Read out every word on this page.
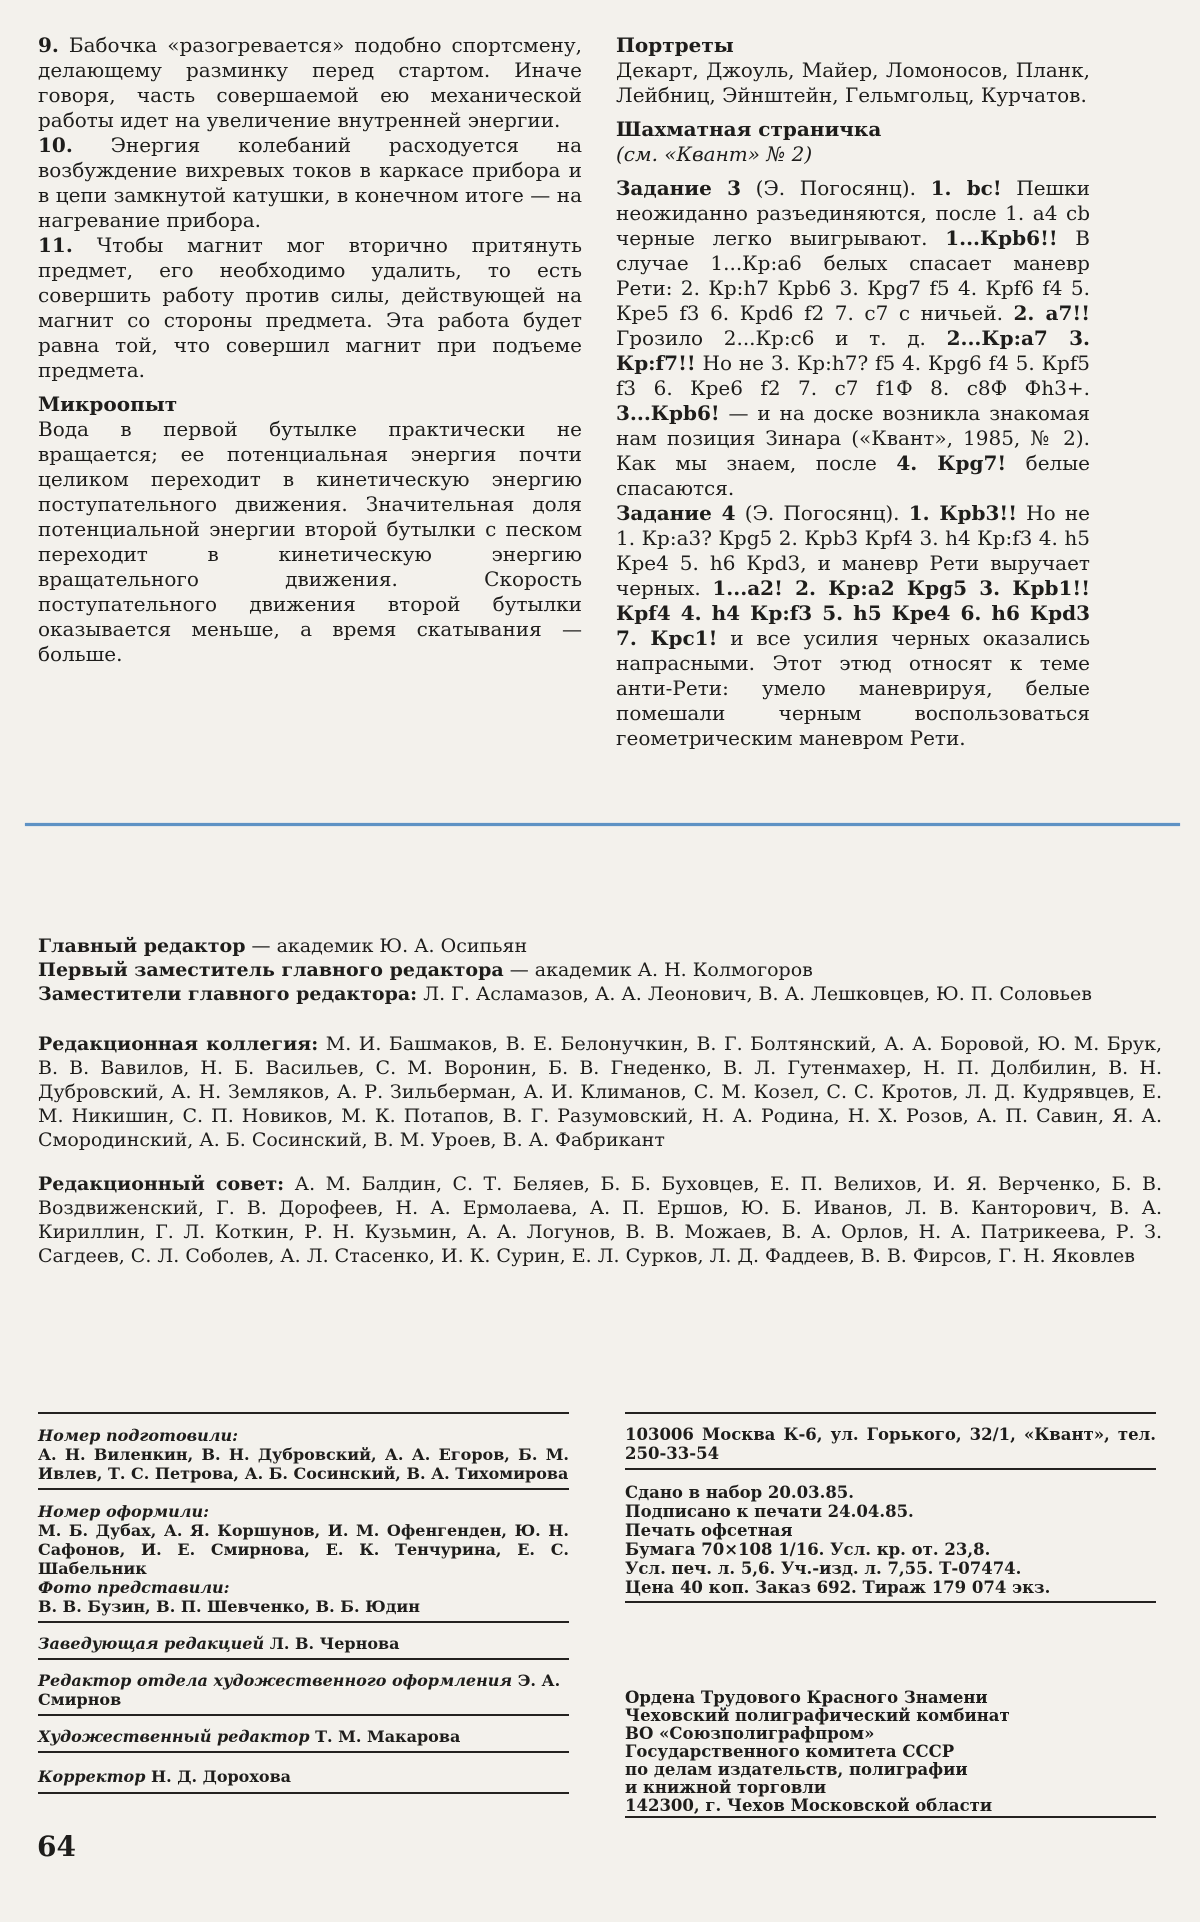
9. Бабочка «разогревается» подобно спортсмену, делающему разминку перед стартом. Иначе говоря, часть совершаемой ею механической работы идет на увеличение внутренней энергии.

10. Энергия колебаний расходуется на возбуждение вихревых токов в каркасе прибора и в цепи замкнутой катушки, в конечном итоге — на нагревание прибора.

11. Чтобы магнит мог вторично притянуть предмет, его необходимо удалить, то есть совершить работу против силы, действующей на магнит со стороны предмета. Эта работа будет равна той, что совершил магнит при подъеме предмета.

Микроопыт

Вода в первой бутылке практически не вращается; ее потенциальная энергия почти целиком переходит в кинетическую энергию поступательного движения. Значительная доля потенциальной энергии второй бутылки с песком переходит в кинетическую энергию вращательного движения. Скорость поступательного движения второй бутылки оказывается меньше, а время скатывания — больше.

Портреты

Декарт, Джоуль, Майер, Ломоносов, Планк, Лейбниц, Эйнштейн, Гельмгольц, Курчатов.

Шахматная страничка

(см. «Квант» № 2)

Задание 3 (Э. Погосянц). 1. bc! Пешки неожиданно разъединяются, после 1. a4 cb черные легко выигрывают. 1...Крb6!! В случае 1...Кр:а6 белых спасает маневр Рети: 2. Кр:h7 Крb6 3. Крg7 f5 4. Крf6 f4 5. Кре5 f3 6. Крd6 f2 7. с7 с ничьей. 2. а7!! Грозило 2...Кр:с6 и т. д. 2...Кр:а7 3. Кр:f7!! Но не 3. Кр:h7? f5 4. Крg6 f4 5. Крf5 f3 6. Кре6 f2 7. с7 f1Ф 8. с8Ф Фh3+. 3...Крb6! — и на доске возникла знакомая нам позиция Зинара («Квант», 1985, № 2). Как мы знаем, после 4. Крg7! белые спасаются.

Задание 4 (Э. Погосянц). 1. Крb3!! Но не 1. Кр:а3? Крg5 2. Крb3 Крf4 3. h4 Кр:f3 4. h5 Кре4 5. h6 Крd3, и маневр Рети выручает черных. 1...а2! 2. Кр:а2 Крg5 3. Крb1!! Крf4 4. h4 Кр:f3 5. h5 Кре4 6. h6 Крd3 7. Крс1! и все усилия черных оказались напрасными. Этот этюд относят к теме анти-Рети: умело маневрируя, белые помешали черным воспользоваться геометрическим маневром Рети.

Главный редактор — академик Ю. А. Осипьян

Первый заместитель главного редактора — академик А. Н. Колмогоров

Заместители главного редактора: Л. Г. Асламазов, А. А. Леонович, В. А. Лешковцев, Ю. П. Соловьев

Редакционная коллегия: М. И. Башмаков, В. Е. Белонучкин, В. Г. Болтянский, А. А. Боровой, Ю. М. Брук, В. В. Вавилов, Н. Б. Васильев, С. М. Воронин, Б. В. Гнеденко, В. Л. Гутенмахер, Н. П. Долбилин, В. Н. Дубровский, А. Н. Земляков, А. Р. Зильберман, А. И. Климанов, С. М. Козел, С. С. Кротов, Л. Д. Кудрявцев, Е. М. Никишин, С. П. Новиков, М. К. Потапов, В. Г. Разумовский, Н. А. Родина, Н. Х. Розов, А. П. Савин, Я. А. Смородинский, А. Б. Сосинский, В. М. Уроев, В. А. Фабрикант

Редакционный совет: А. М. Балдин, С. Т. Беляев, Б. Б. Буховцев, Е. П. Велихов, И. Я. Верченко, Б. В. Воздвиженский, Г. В. Дорофеев, Н. А. Ермолаева, А. П. Ершов, Ю. Б. Иванов, Л. В. Канторович, В. А. Кириллин, Г. Л. Коткин, Р. Н. Кузьмин, А. А. Логунов, В. В. Можаев, В. А. Орлов, Н. А. Патрикеева, Р. З. Сагдеев, С. Л. Соболев, А. Л. Стасенко, И. К. Сурин, Е. Л. Сурков, Л. Д. Фаддеев, В. В. Фирсов, Г. Н. Яковлев

Номер подготовили:

А. Н. Виленкин, В. Н. Дубровский, А. А. Егоров, Б. М. Ивлев, Т. С. Петрова, А. Б. Сосинский, В. А. Тихомирова

Номер оформили:

М. Б. Дубах, А. Я. Коршунов, И. М. Офенгенден, Ю. Н. Сафонов, И. Е. Смирнова, Е. К. Тенчурина, Е. С. Шабельник

Фото представили:

В. В. Бузин, В. П. Шевченко, В. Б. Юдин

Заведующая редакцией Л. В. Чернова

Редактор отдела художественного оформления Э. А. Смирнов

Художественный редактор Т. М. Макарова

Корректор Н. Д. Дорохова

103006 Москва К-6, ул. Горького, 32/1, «Квант», тел. 250-33-54

Сдано в набор 20.03.85.
Подписано к печати 24.04.85.
Печать офсетная
Бумага 70×108 1/16. Усл. кр. от. 23,8.
Усл. печ. л. 5,6. Уч.-изд. л. 7,55. Т-07474.
Цена 40 коп. Заказ 692. Тираж 179 074 экз.
Ордена Трудового Красного Знамени
Чеховский полиграфический комбинат
ВО «Союзполиграфпром»
Государственного комитета СССР
по делам издательств, полиграфии
и книжной торговли
142300, г. Чехов Московской области
64
